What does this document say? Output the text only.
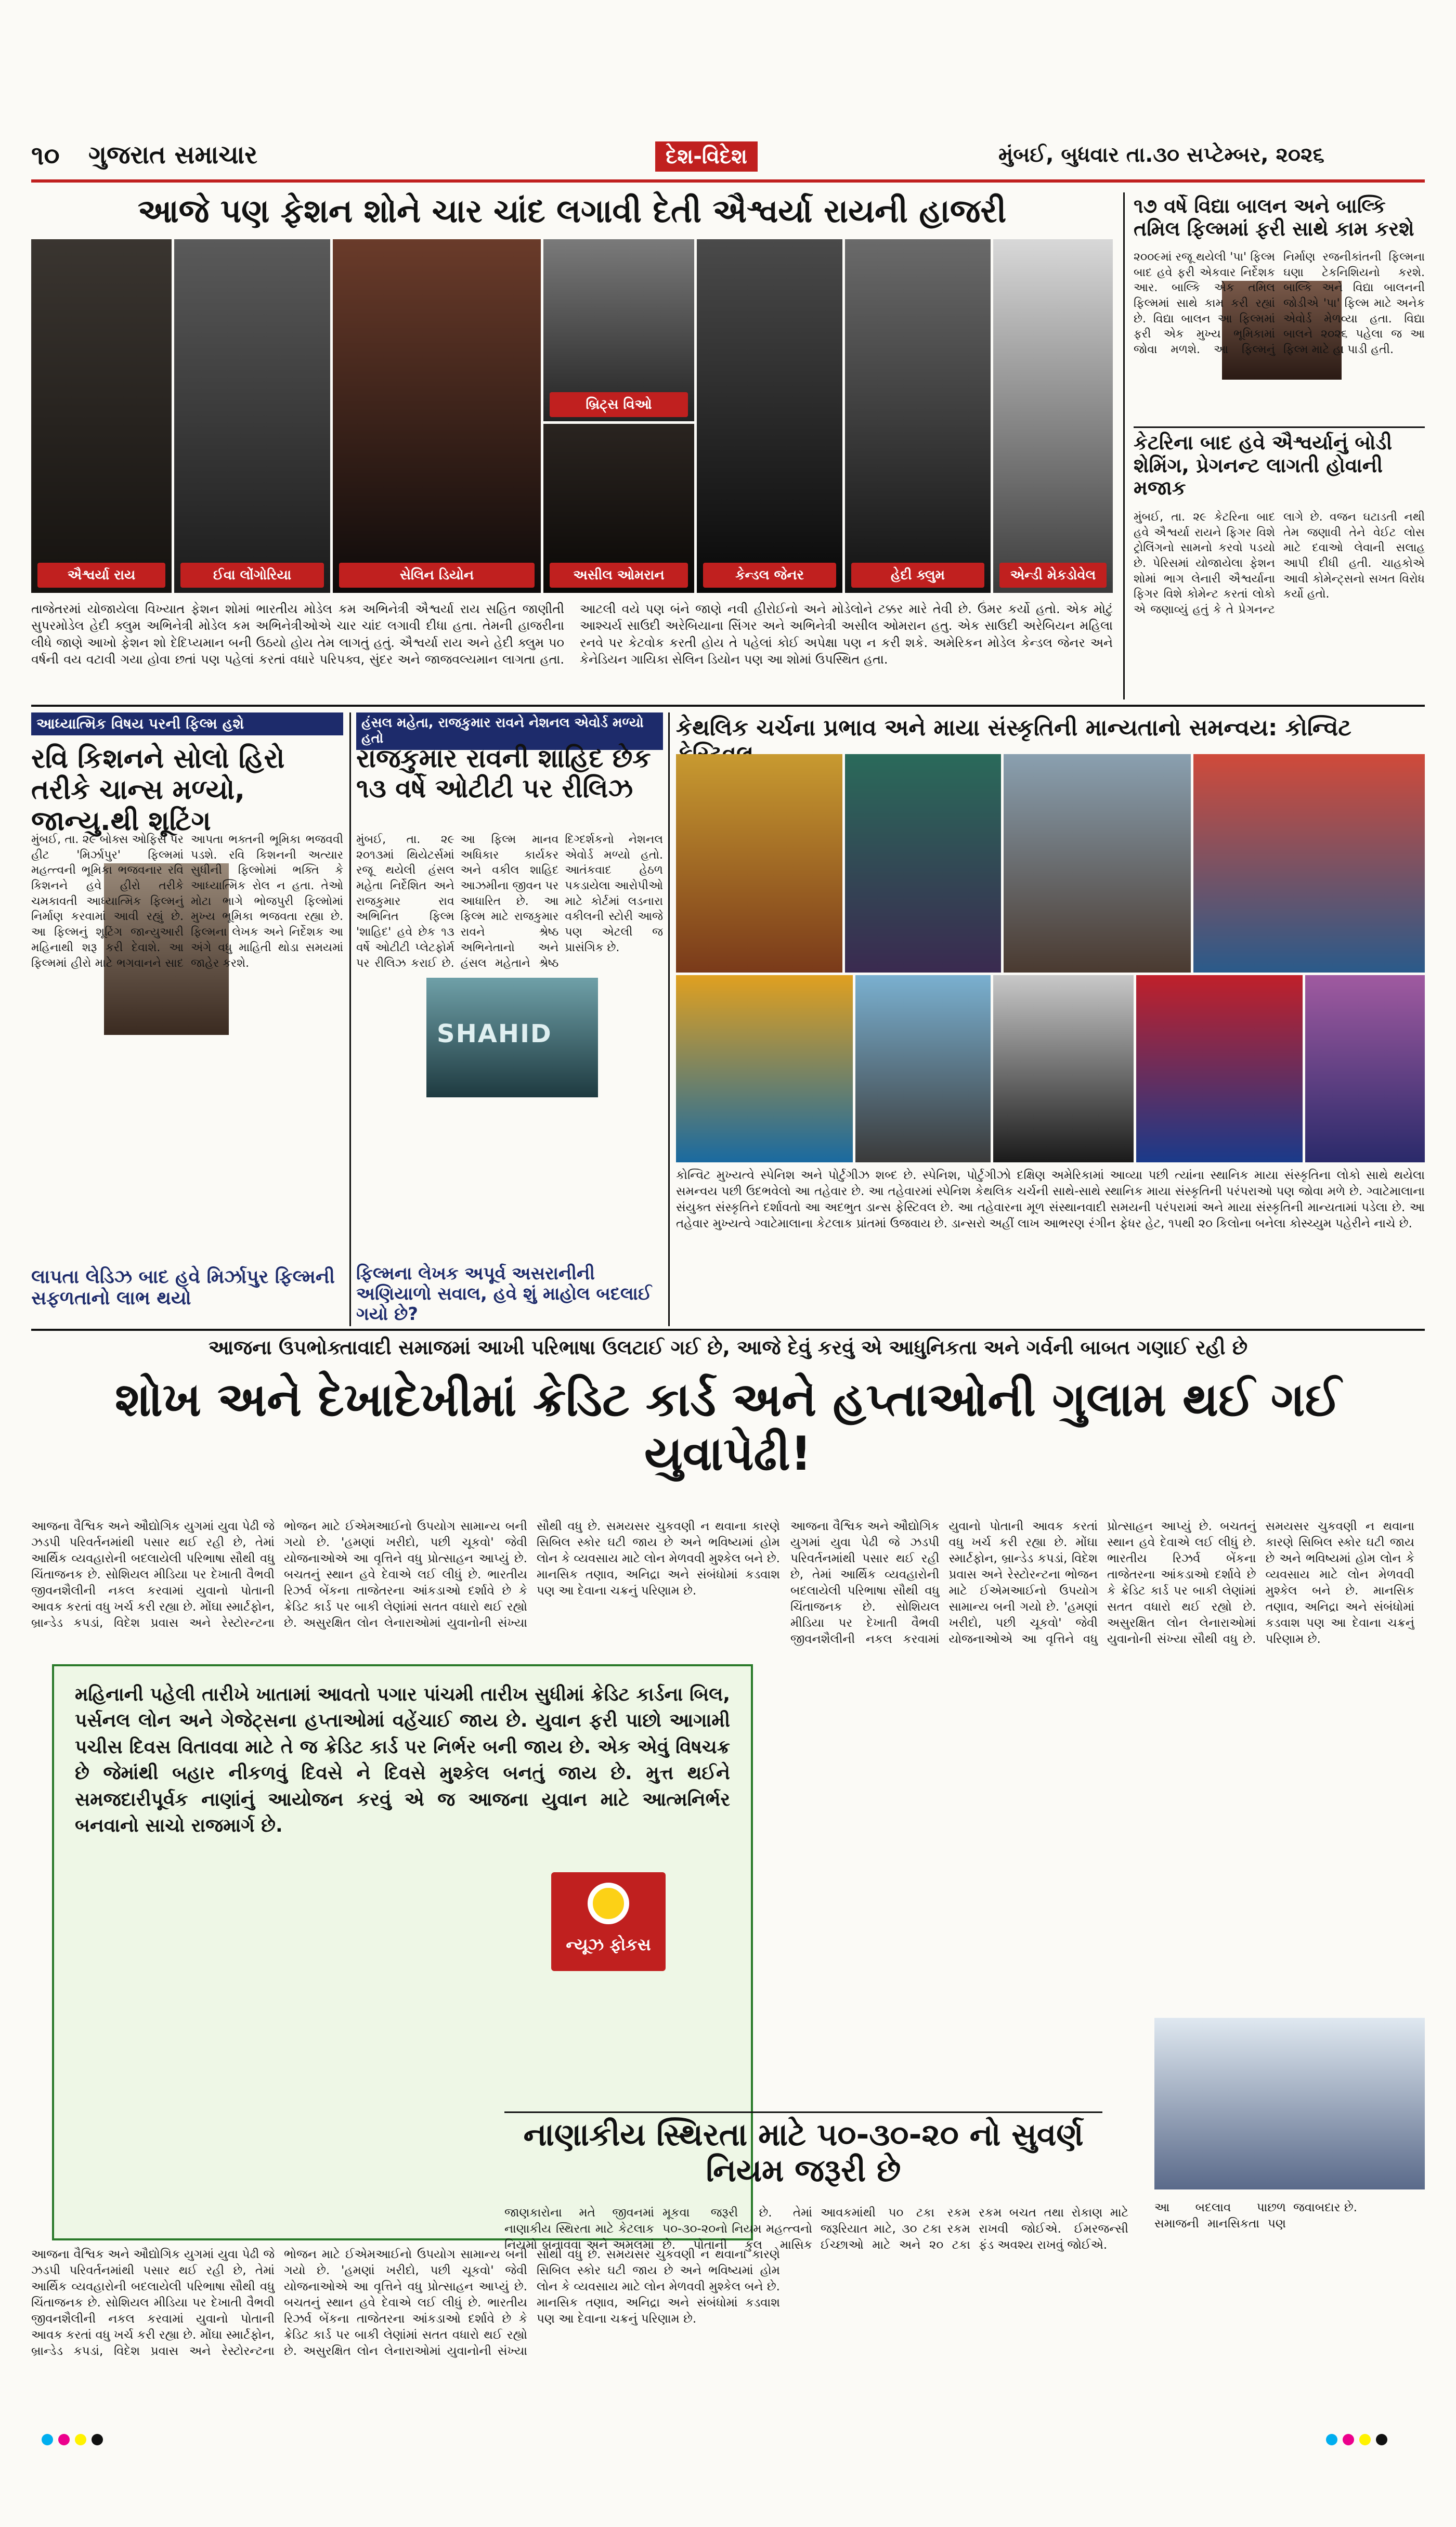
૧૦ ગુજરાત સમાચાર	દેશ-વિદેશ	મુંબઈ, બુધવાર તા.૩૦ સપ્ટેમ્બર, ૨૦૨૬
આજે પણ ફેશન શોને ચાર ચાંદ લગાવી દેતી ઐશ્વર્યા રાયની હાજરી
ઐશ્વર્યા રાય	ઈવા લોંગોરિયા	સેલિન ડિયોન
બ્રિટ્સ વિઓ
અસીલ ઓમરાન	કેન્ડલ જેનર	હેદી ક્લુમ	એન્ડી મેકડોવેલ
તાજેતરમાં યોજાયેલા વિખ્યાત ફેશન શોમાં ભારતીય મોડેલ કમ અભિનેત્રી ઐશ્વર્યા રાય સહિત જાણીતી સુપરમોડેલ હેદી ક્લુમ અભિનેત્રી મોડેલ કમ અભિનેત્રીઓએ ચાર ચાંદ લગાવી દીધા હતા. તેમની હાજરીના લીધે જાણે આખો ફેશન શો દેદિપ્યમાન બની ઉઠયો હોય તેમ લાગતું હતું. ઐશ્વર્યા રાય અને હેદી ક્લુમ ૫૦ વર્ષની વય વટાવી ગયા હોવા છતાં પણ પહેલાં કરતાં વધારે પરિપક્વ, સુંદર અને જાજવલ્યમાન લાગતા હતા. આટલી વયે પણ બંને જાણે નવી હીરોઈનો અને મોડેલોને ટક્કર મારે તેવી છે. ઉંમર કર્યો હતો. એક મોટું આશ્ચર્ય સાઉદી અરેબિયાના સિંગર અને અભિનેત્રી અસીલ ઓમરાન હતુ. એક સાઉદી અરેબિયન મહિલા રનવે પર કેટવોક કરતી હોય તે પહેલાં કોઈ અપેક્ષા પણ ન કરી શકે. અમેરિકન મોડેલ કેન્ડલ જેનર અને કેનેડિયન ગાયિકા સેલિન ડિયોન પણ આ શોમાં ઉપસ્થિત હતા.
૧૭ વર્ષે વિદ્યા બાલન અને બાલ્કિ તમિલ ફિલ્મમાં ફરી સાથે કામ કરશે
૨૦૦૯માં રજૂ થયેલી 'પા' ફિલ્મ બાદ હવે ફરી એકવાર નિર્દેશક આર. બાલ્કિ એક તમિલ ફિલ્મમાં સાથે કામ કરી રહ્યાં છે. વિદ્યા બાલન આ ફિલ્મમાં ફરી એક મુખ્ય ભૂમિકામાં જોવા મળશે. આ ફિલ્મનું નિર્માણ રજનીકાંતની ફિલ્મના ઘણા ટેકનિશિયનો કરશે. બાલ્કિ અને વિદ્યા બાલનની જોડીએ 'પા' ફિલ્મ માટે અનેક એવોર્ડ મેળવ્યા હતા. વિદ્યા બાલને ૨૦૨૬ પહેલા જ આ ફિલ્મ માટે હા પાડી હતી.
કેટરિના બાદ હવે ઐશ્વર્યાનું બોડી શેમિંગ, પ્રેગનન્ટ લાગતી હોવાની મજાક
મુંબઈ, તા. ૨૯ કેટરિના બાદ હવે ઐશ્વર્યા રાયને ફિગર વિશે ટ્રોલિંગનો સામનો કરવો પડયો છે. પેરિસમાં યોજાયેલા ફેશન શોમાં ભાગ લેનારી ઐશ્વર્યાના ફિગર વિશે કોમેન્ટ કરતાં લોકો એ જણાવ્યું હતું કે તે પ્રેગનન્ટ લાગે છે. વજન ઘટાડતી નથી તેમ જણાવી તેને વેઈટ લોસ માટે દવાઓ લેવાની સલાહ આપી દીધી હતી. ચાહકોએ આવી કોમેન્ટ્સનો સખત વિરોધ કર્યો હતો.
આધ્યાત્મિક વિષય પરની ફિલ્મ હશે
રવિ કિશનને સોલો હિરો તરીકે ચાન્સ મળ્યો, જાન્યુ.થી શૂટિંગ
મુંબઈ, તા. ૨૯ બોક્સ ઓફિસ પર હીટ 'મિર્ઝાપુર' ફિલ્મમાં મહત્ત્વની ભૂમિકા ભજવનાર રવિ કિશનને હવે હીરો તરીકે ચમકાવતી આધ્યાત્મિક ફિલ્મનું નિર્માણ કરવામાં આવી રહ્યું છે. આ ફિલ્મનું શૂટિંગ જાન્યુઆરી મહિનાથી શરૂ કરી દેવાશે. આ ફિલ્મમાં હીરો માટે ભગવાનને સાદ આપતા ભક્તની ભૂમિકા ભજવવી પડશે. રવિ કિશનની અત્યાર સુધીની ફિલ્મોમાં ભક્તિ કે આધ્યાત્મિક રોલ ન હતા. તેઓ મોટા ભાગે ભોજપુરી ફિલ્મોમાં મુખ્ય ભૂમિકા ભજવતા રહ્યા છે. ફિલ્મના લેખક અને નિર્દેશક આ અંગે વધુ માહિતી થોડા સમયમાં જાહેર કરશે.
લાપતા લેડિઝ બાદ હવે મિર્ઝાપુર ફિલ્મની સફળતાનો લાભ થયો
હંસલ મહેતા, રાજકુમાર રાવને નેશનલ એવોર્ડ મળ્યો હતો
રાજકુમાર રાવની શાહિદ છેક ૧૩ વર્ષે ઓટીટી પર રીલિઝ
SHAHID
મુંબઈ, તા. ૨૯ ૨૦૧૩માં થિયેટર્સમાં રજૂ થયેલી હંસલ મહેતા નિર્દેશિત અને રાજકુમાર રાવ અભિનિત ફિલ્મ 'શાહિદ' હવે છેક ૧૩ વર્ષે ઓટીટી પ્લેટફોર્મ પર રીલિઝ કરાઈ છે. આ ફિલ્મ માનવ અધિકાર કાર્યકર અને વકીલ શાહિદ આઝમીના જીવન પર આધારિત છે. આ ફિલ્મ માટે રાજકુમાર રાવને શ્રેષ્ઠ અભિનેતાનો અને હંસલ મહેતાને શ્રેષ્ઠ દિગ્દર્શકનો નેશનલ એવોર્ડ મળ્યો હતો. આતંકવાદ હેઠળ પકડાયેલા આરોપીઓ માટે કોર્ટમાં લડનારા વકીલની સ્ટોરી આજે પણ એટલી જ પ્રાસંગિક છે.
ફિલ્મના લેખક અપૂર્વ અસરાનીની અણિયાળો સવાલ, હવે શું માહોલ બદલાઈ ગયો છે?
કેથલિક ચર્ચના પ્રભાવ અને માયા સંસ્કૃતિની માન્યતાનો સમન્વય: કોન્વિટ
કોન્વિટ મુખ્યત્વે સ્પેનિશ અને પોર્ટુગીઝ શબ્દ છે. સ્પેનિશ, પોર્ટુગીઝો દક્ષિણ અમેરિકામાં આવ્યા પછી ત્યાંના સ્થાનિક માયા સંસ્કૃતિના લોકો સાથે થયેલા સમન્વય પછી ઉદભવેલો આ તહેવાર છે. આ તહેવારમાં સ્પેનિશ કેથલિક ચર્ચની સાથે-સાથે સ્થાનિક માયા સંસ્કૃતિની પરંપરાઓ પણ જોવા મળે છે. ગ્વાટેમાલાના સંયુક્ત સંસ્કૃતિને દર્શાવતો આ અદભુત ડાન્સ ફેસ્ટિવલ છે. આ તહેવારના મૂળ સંસ્થાનવાદી સમયની પરંપરામાં અને માયા સંસ્કૃતિની માન્યતામાં પડેલા છે. આ તહેવાર મુખ્યત્વે ગ્વાટેમાલાના કેટલાક પ્રાંતમાં ઉજવાય છે. ડાન્સરો અહીં લાખ આભરણ રંગીન ફેધર હેટ, ૧૫થી ૨૦ કિલોના બનેલા કોસ્ચ્યુમ પહેરીને નાચે છે.
આજના ઉપભોક્તાવાદી સમાજમાં આખી પરિભાષા ઉલટાઈ ગઈ છે, આજે દેવું કરવું એ આધુનિકતા અને ગર્વની બાબત ગણાઈ રહી છે
શોખ અને દેખાદેખીમાં ક્રેડિટ કાર્ડ અને હપ્તાઓની ગુલામ થઈ ગઈ યુવાપેઢી!
મહિનાની પહેલી તારીખે ખાતામાં આવતો પગાર પાંચમી તારીખ સુધીમાં ક્રેડિટ કાર્ડના બિલ, પર્સનલ લોન અને ગેજેટ્સના હપ્તાઓમાં વહેંચાઈ જાય છે. યુવાન ફરી પાછો આગામી પચીસ દિવસ વિતાવવા માટે તે જ ક્રેડિટ કાર્ડ પર નિર્ભર બની જાય છે. એક એવું વિષચક્ર છે જેમાંથી બહાર નીકળવું દિવસે ને દિવસે મુશ્કેલ બનતું જાય છે. મુત્ત થઈને સમજદારીપૂર્વક નાણાંનું આયોજન કરવું એ જ આજના યુવાન માટે આત્મનિર્ભર બનવાનો સાચો રાજમાર્ગ છે.
આજના વૈશ્વિક અને ઔદ્યોગિક યુગમાં યુવા પેઢી જે ઝડપી પરિવર્તનમાંથી પસાર થઈ રહી છે, તેમાં આર્થિક વ્યવહારોની બદલાયેલી પરિભાષા સૌથી વધુ ચિંતાજનક છે. સોશિયલ મીડિયા પર દેખાતી વૈભવી જીવનશૈલીની નકલ કરવામાં યુવાનો પોતાની આવક કરતાં વધુ ખર્ચ કરી રહ્યા છે. મોંઘા સ્માર્ટફોન, બ્રાન્ડેડ કપડાં, વિદેશ પ્રવાસ અને રેસ્ટોરન્ટના ભોજન માટે ઈએમઆઈનો ઉપયોગ સામાન્ય બની ગયો છે. 'હમણાં ખરીદો, પછી ચૂકવો' જેવી યોજનાઓએ આ વૃત્તિને વધુ પ્રોત્સાહન આપ્યું છે. બચતનું સ્થાન હવે દેવાએ લઈ લીધું છે. ભારતીય રિઝર્વ બેંકના તાજેતરના આંકડાઓ દર્શાવે છે કે ક્રેડિટ કાર્ડ પર બાકી લેણાંમાં સતત વધારો થઈ રહ્યો છે. અસુરક્ષિત લોન લેનારાઓમાં યુવાનોની સંખ્યા સૌથી વધુ છે. સમયસર ચુકવણી ન થવાના કારણે સિબિલ સ્કોર ઘટી જાય છે અને ભવિષ્યમાં હોમ લોન કે વ્યવસાય માટે લોન મેળવવી મુશ્કેલ બને છે. માનસિક તણાવ, અનિદ્રા અને સંબંધોમાં કડવાશ પણ આ દેવાના ચક્રનું પરિણામ છે.
આજના વૈશ્વિક અને ઔદ્યોગિક યુગમાં યુવા પેઢી જે ઝડપી પરિવર્તનમાંથી પસાર થઈ રહી છે, તેમાં આર્થિક વ્યવહારોની બદલાયેલી પરિભાષા સૌથી વધુ ચિંતાજનક છે. સોશિયલ મીડિયા પર દેખાતી વૈભવી જીવનશૈલીની નકલ કરવામાં યુવાનો પોતાની આવક કરતાં વધુ ખર્ચ કરી રહ્યા છે. મોંઘા સ્માર્ટફોન, બ્રાન્ડેડ કપડાં, વિદેશ પ્રવાસ અને રેસ્ટોરન્ટના ભોજન માટે ઈએમઆઈનો ઉપયોગ સામાન્ય બની ગયો છે. 'હમણાં ખરીદો, પછી ચૂકવો' જેવી યોજનાઓએ આ વૃત્તિને વધુ પ્રોત્સાહન આપ્યું છે. બચતનું સ્થાન હવે દેવાએ લઈ લીધું છે. ભારતીય રિઝર્વ બેંકના તાજેતરના આંકડાઓ દર્શાવે છે કે ક્રેડિટ કાર્ડ પર બાકી લેણાંમાં સતત વધારો થઈ રહ્યો છે. અસુરક્ષિત લોન લેનારાઓમાં યુવાનોની સંખ્યા સૌથી વધુ છે. સમયસર ચુકવણી ન થવાના કારણે સિબિલ સ્કોર ઘટી જાય છે અને ભવિષ્યમાં હોમ લોન કે વ્યવસાય માટે લોન મેળવવી મુશ્કેલ બને છે. માનસિક તણાવ, અનિદ્રા અને સંબંધોમાં કડવાશ પણ આ દેવાના ચક્રનું પરિણામ છે.
ન્યૂઝ ફોકસ
આજના વૈશ્વિક અને ઔદ્યોગિક યુગમાં યુવા પેઢી જે ઝડપી પરિવર્તનમાંથી પસાર થઈ રહી છે, તેમાં આર્થિક વ્યવહારોની બદલાયેલી પરિભાષા સૌથી વધુ ચિંતાજનક છે. સોશિયલ મીડિયા પર દેખાતી વૈભવી જીવનશૈલીની નકલ કરવામાં યુવાનો પોતાની આવક કરતાં વધુ ખર્ચ કરી રહ્યા છે. મોંઘા સ્માર્ટફોન, બ્રાન્ડેડ કપડાં, વિદેશ પ્રવાસ અને રેસ્ટોરન્ટના ભોજન માટે ઈએમઆઈનો ઉપયોગ સામાન્ય બની ગયો છે. 'હમણાં ખરીદો, પછી ચૂકવો' જેવી યોજનાઓએ આ વૃત્તિને વધુ પ્રોત્સાહન આપ્યું છે. બચતનું સ્થાન હવે દેવાએ લઈ લીધું છે. ભારતીય રિઝર્વ બેંકના તાજેતરના આંકડાઓ દર્શાવે છે કે ક્રેડિટ કાર્ડ પર બાકી લેણાંમાં સતત વધારો થઈ રહ્યો છે. અસુરક્ષિત લોન લેનારાઓમાં યુવાનોની સંખ્યા સૌથી વધુ છે. સમયસર ચુકવણી ન થવાના કારણે સિબિલ સ્કોર ઘટી જાય છે અને ભવિષ્યમાં હોમ લોન કે વ્યવસાય માટે લોન મેળવવી મુશ્કેલ બને છે. માનસિક તણાવ, અનિદ્રા અને સંબંધોમાં કડવાશ પણ આ દેવાના ચક્રનું પરિણામ છે.
નાણાકીય સ્થિરતા માટે ૫૦-૩૦-૨૦ નો સુવર્ણ નિયમ જરૂરી છે
જાણકારોના મતે જીવનમાં નાણાકીય સ્થિરતા માટે કેટલાક નિયમો બનાવવા અને અમલમાં મૂકવા જરૂરી છે. તેમાં ૫૦-૩૦-૨૦નો નિયમ મહત્ત્વનો છે. પોતાની કુલ માસિક આવકમાંથી ૫૦ ટકા રકમ જરૂરિયાત માટે, ૩૦ ટકા રકમ ઈચ્છાઓ માટે અને ૨૦ ટકા રકમ બચત તથા રોકાણ માટે રાખવી જોઈએ. ઈમરજન્સી ફંડ અવશ્ય રાખવું જોઈએ.
આ બદલાવ પાછળ સમાજની માનસિકતા પણ જવાબદાર છે.
